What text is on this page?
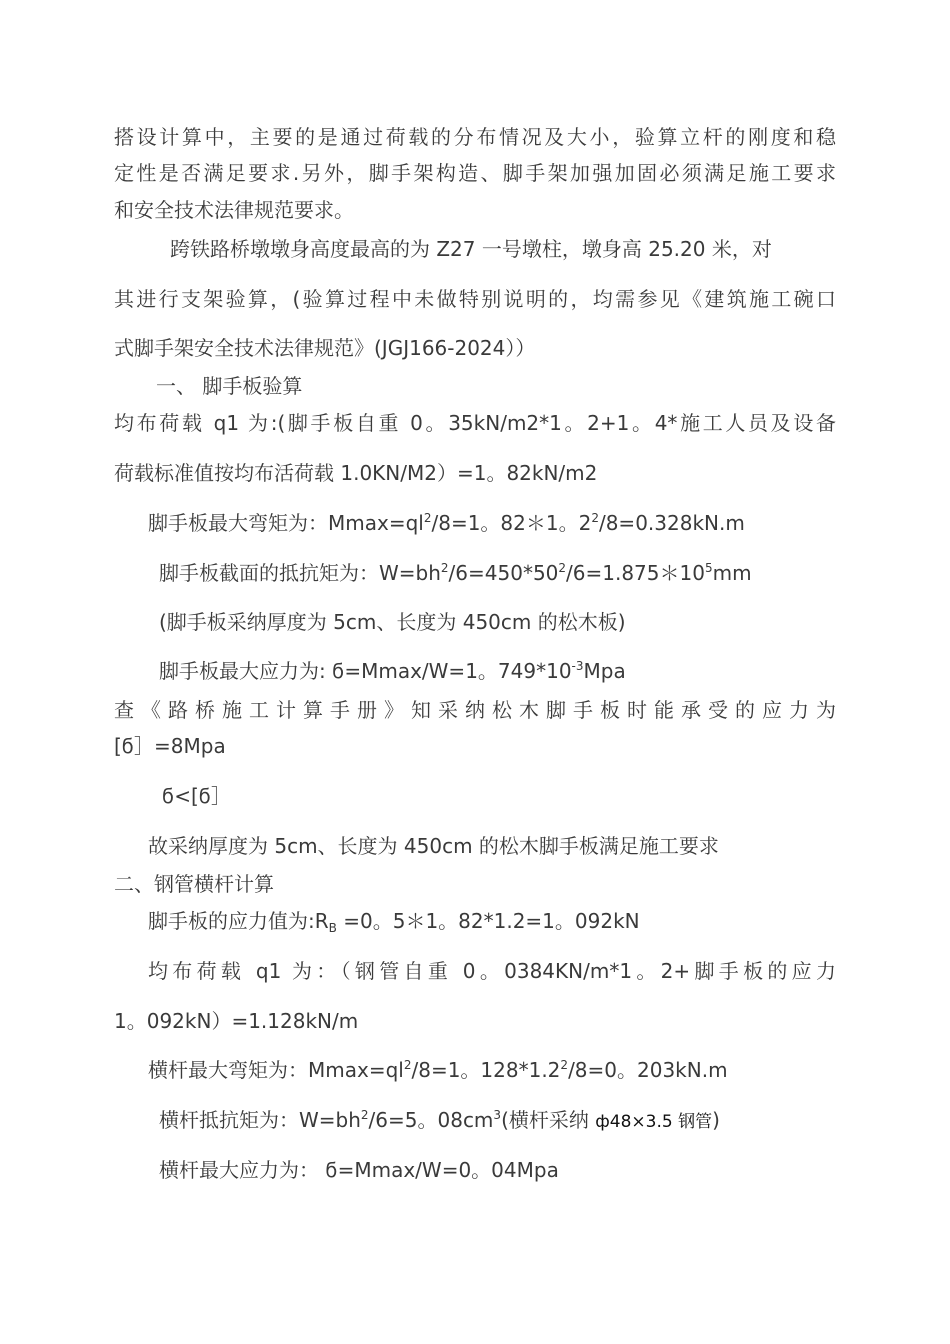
搭设计算中，主要的是通过荷载的分布情况及大小，验算立杆的刚度和稳
定性是否满足要求.另外，脚手架构造、脚手架加强加固必须满足施工要求
和安全技术法律规范要求。
跨铁路桥墩墩身高度最高的为 Z27 一号墩柱，墩身高 25.20 米，对
其进行支架验算，(验算过程中未做特别说明的，均需参见《建筑施工碗口
式脚手架安全技术法律规范》(JGJ166-2024））
一、 脚手板验算
均布荷载 q1 为:(脚手板自重 0。35kN/m2*1。2+1。4*施工人员及设备
荷载标准值按均布活荷载 1.0KN/M2）=1。82kN/m2
脚手板最大弯矩为：$Mmax=ql^2/8=1$。82＊1。$2^2/8=0.328kN.m$
脚手板截面的抵抗矩为：$W=bh^2/6=450*50^2/6=1.875*10^5mm$
(脚手板采纳厚度为 5cm、长度为 450cm 的松木板)
脚手板最大应力为: ϭ=Mmax/W=1。$749*10^{-3}Mpa$
查《路桥施工计算手册》知采纳松木脚手板时能承受的应力为
[ϭ］=8Mpa
ϭ<[ϭ］
故采纳厚度为 5cm、长度为 450cm 的松木脚手板满足施工要求
二、钢管横杆计算
脚手板的应力值为$:R_B =0$。5＊1。82*1.2=1。092kN
均布荷载 q1 为：（钢管自重 0。0384KN/m*1。2+脚手板的应力
1。092kN）=1.128kN/m
横杆最大弯矩为：$Mmax=ql^2/8=1$。$128*1.2^2/8=0$。203kN.m
横杆抵抗矩为：$W=bh^2/6=5$。$08cm^3$(横杆采纳 ф48×3.5 钢管)
横杆最大应力为： ϭ=Mmax/W=0。04Mpa
